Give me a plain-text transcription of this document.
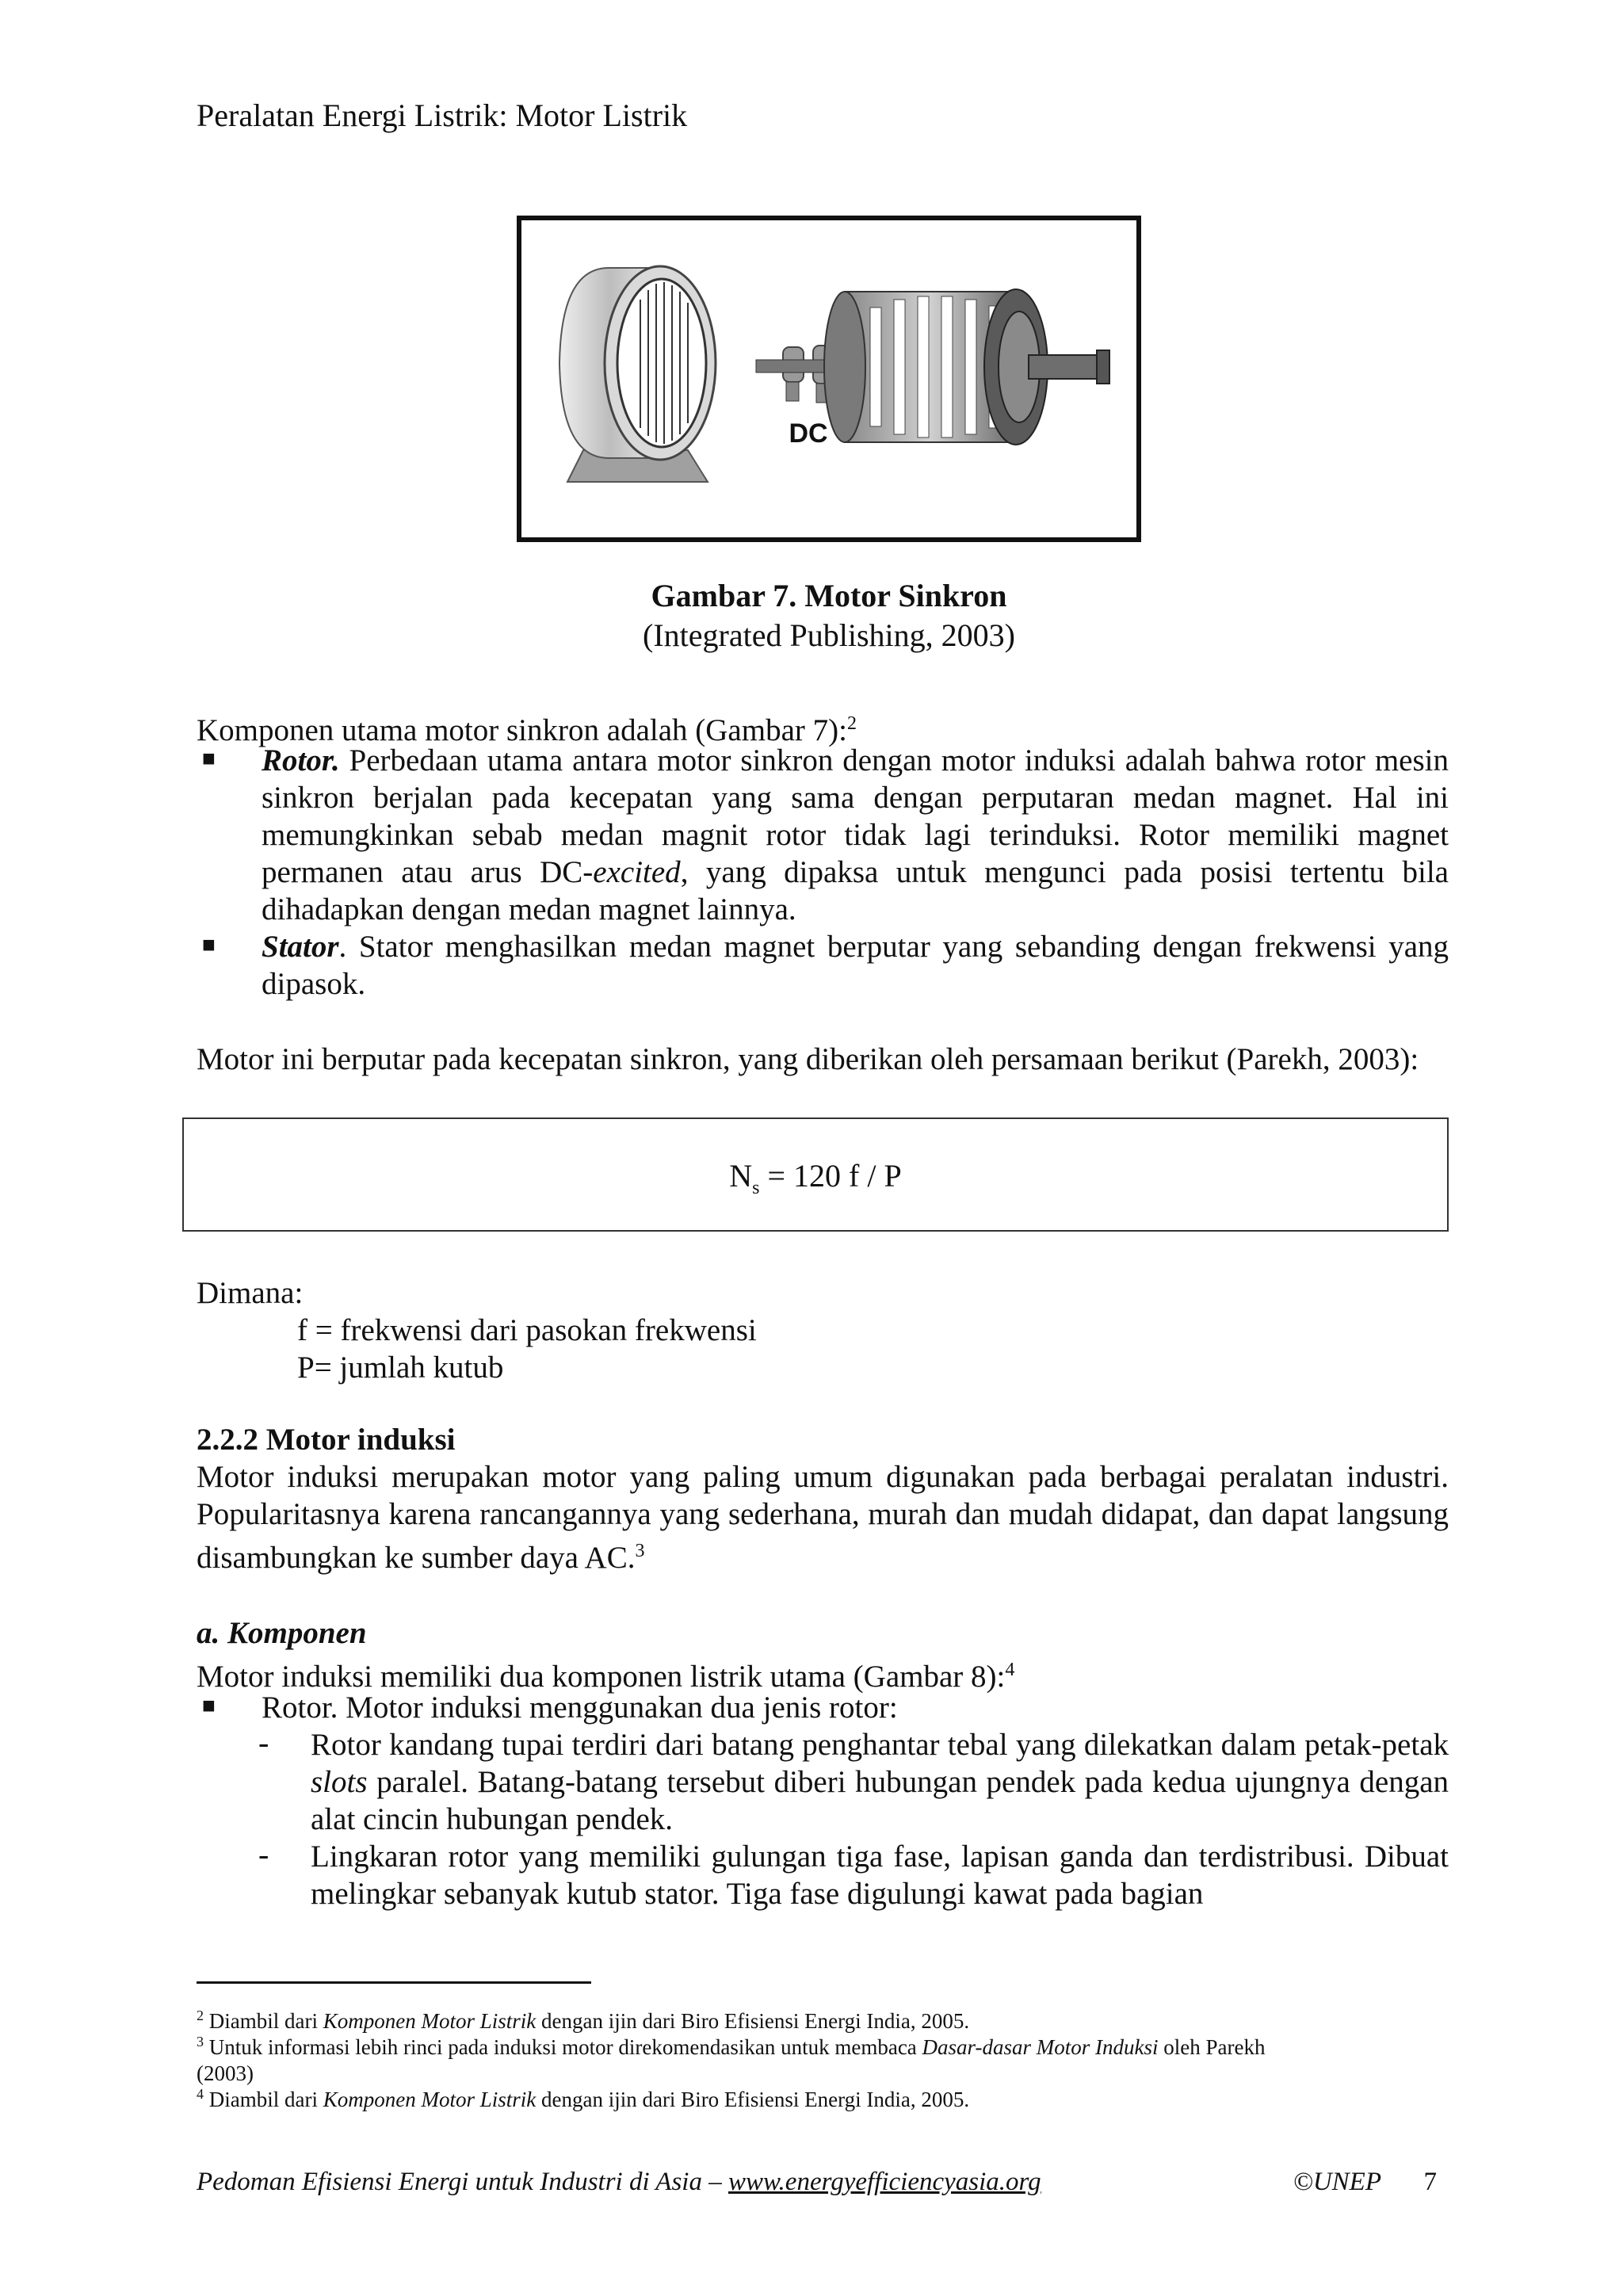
Peralatan Energi Listrik: Motor Listrik
DC
Gambar 7. Motor Sinkron
(Integrated Publishing, 2003)
Komponen utama motor sinkron adalah (Gambar 7):$^2$
■ Rotor. Perbedaan utama antara motor sinkron dengan motor induksi adalah bahwa rotor mesin sinkron berjalan pada kecepatan yang sama dengan perputaran medan magnet. Hal ini memungkinkan sebab medan magnit rotor tidak lagi terinduksi. Rotor memiliki magnet permanen atau arus DC-excited, yang dipaksa untuk mengunci pada posisi tertentu bila dihadapkan dengan medan magnet lainnya.
■ Stator. Stator menghasilkan medan magnet berputar yang sebanding dengan frekwensi yang dipasok.
Motor ini berputar pada kecepatan sinkron, yang diberikan oleh persamaan berikut (Parekh, 2003):
$N_s = 120$ f / P
Dimana:
f = frekwensi dari pasokan frekwensi
P= jumlah kutub
2.2.2 Motor induksi
Motor induksi merupakan motor yang paling umum digunakan pada berbagai peralatan industri. Popularitasnya karena rancangannya yang sederhana, murah dan mudah didapat, dan dapat langsung disambungkan ke sumber daya AC.$^3$
a. Komponen
Motor induksi memiliki dua komponen listrik utama (Gambar 8):$^4$
■ Rotor. Motor induksi menggunakan dua jenis rotor:
- Rotor kandang tupai terdiri dari batang penghantar tebal yang dilekatkan dalam petak-petak slots paralel. Batang-batang tersebut diberi hubungan pendek pada kedua ujungnya dengan alat cincin hubungan pendek.
- Lingkaran rotor yang memiliki gulungan tiga fase, lapisan ganda dan terdistribusi. Dibuat melingkar sebanyak kutub stator. Tiga fase digulungi kawat pada bagian
$^2$ Diambil dari Komponen Motor Listrik dengan ijin dari Biro Efisiensi Energi India, 2005.
$^3$ Untuk informasi lebih rinci pada induksi motor direkomendasikan untuk membaca Dasar-dasar Motor Induksi oleh Parekh
(2003)
$^4$ Diambil dari Komponen Motor Listrik dengan ijin dari Biro Efisiensi Energi India, 2005.
Pedoman Efisiensi Energi untuk Industri di Asia – www.energyefficiencyasia.org	©UNEP 7
